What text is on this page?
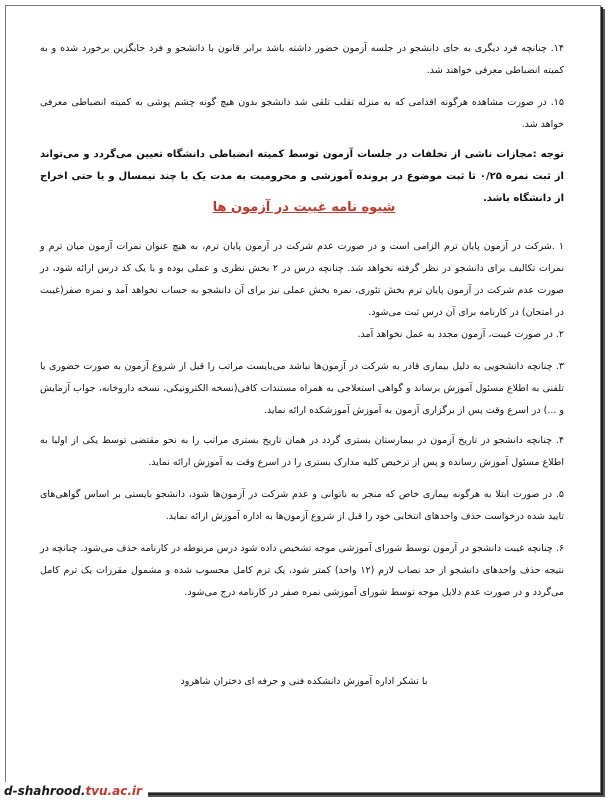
۱۴. چنانچه فرد دیگری به جای دانشجو در جلسه آزمون حضور داشته باشد برابر قانون با دانشجو و فرد جایگزین برخورد شده و به کمیته انضباطی معرفی خواهند شد.
۱۵. در صورت مشاهده هرگونه اقدامی که به منزله تقلب تلقی شد دانشجو بدون هیچ گونه چشم پوشی به کمیته انضباطی معرفی خواهد شد.
توجه :مجازات ناشی از تخلفات در جلسات آزمون توسط کمیته انضباطی دانشگاه تعیین می‌گردد و می‌تواند از ثبت نمره ۰/۲۵ تا ثبت موضوع در پرونده آموزشی و محرومیت به مدت یک یا چند نیمسال و یا حتی اخراج از دانشگاه باشد.
شیوه نامه غیبت در آزمون ها
۱ .شرکت در آزمون پایان ترم الزامی است و در صورت عدم شرکت در آزمون پایان ترم، به هیچ عنوان نمرات آزمون میان ترم و نمرات تکالیف برای دانشجو در نظر گرفته نخواهد شد. چنانچه درس در ۲ بخش نظری و عملی بوده و با یک کد درس ارائه شود، در صورت عدم شرکت در آزمون پایان ترم بخش تئوری، نمره بخش عملی نیز برای آن دانشجو به حساب نخواهد آمد و نمره صفر(غیبت در امتحان) در کارنامه برای آن درس ثبت می‌شود.
۲. در صورت غیبت، آزمون مجدد به عمل نخواهد آمد.
۳. چنانچه دانشجویی به دلیل بیماری قادر به شرکت در آزمون‌ها نباشد می‌بایست مراتب را قبل از شروع آزمون به صورت حضوری یا تلفنی به اطلاع مسئول آموزش برساند و گواهی استعلاجی به همراه مستندات کافی(نسخه الکترونیکی، نسخه داروخانه، جواب آزمایش و ...) در اسرع وقت پس از برگزاری آزمون به آموزش آموزشکده ارائه نماید.
۴. چنانچه دانشجو در تاریخ آزمون در بیمارستان بستری گردد در همان تاریخ بستری مراتب را به نحو مقتضی توسط یکی از اولیا به اطلاع مسئول آموزش رسانده و پس از ترخیص کلیه مدارک بستری را در اسرع وقت به آموزش ارائه نماید.
۵. در صورت ابتلا به هرگونه بیماری خاص که منجر به ناتوانی و عدم شرکت در آزمون‌ها شود، دانشجو بایستی بر اساس گواهی‌های تایید شده درخواست حذف واحدهای انتخابی خود را قبل از شروع آزمون‌ها به اداره آموزش ارائه نماید.
۶. چنانچه غیبت دانشجو در آزمون توسط شورای آموزشی موجه تشخیص داده شود درس مربوطه در کارنامه حذف می‌شود. چنانچه در نتیجه حذف واحدهای دانشجو از حد نصاب لازم (۱۲ واحد) کمتر شود، یک ترم کامل محسوب شده و مشمول مقررات یک ترم کامل می‌گردد و در صورت عدم دلایل موجه توسط شورای آموزشی نمره صفر در کارنامه درج می‌شود.
با تشکر اداره آموزش دانشکده فنی و حرفه ای دختران شاهرود
d-shahrood.tvu.ac.ir
